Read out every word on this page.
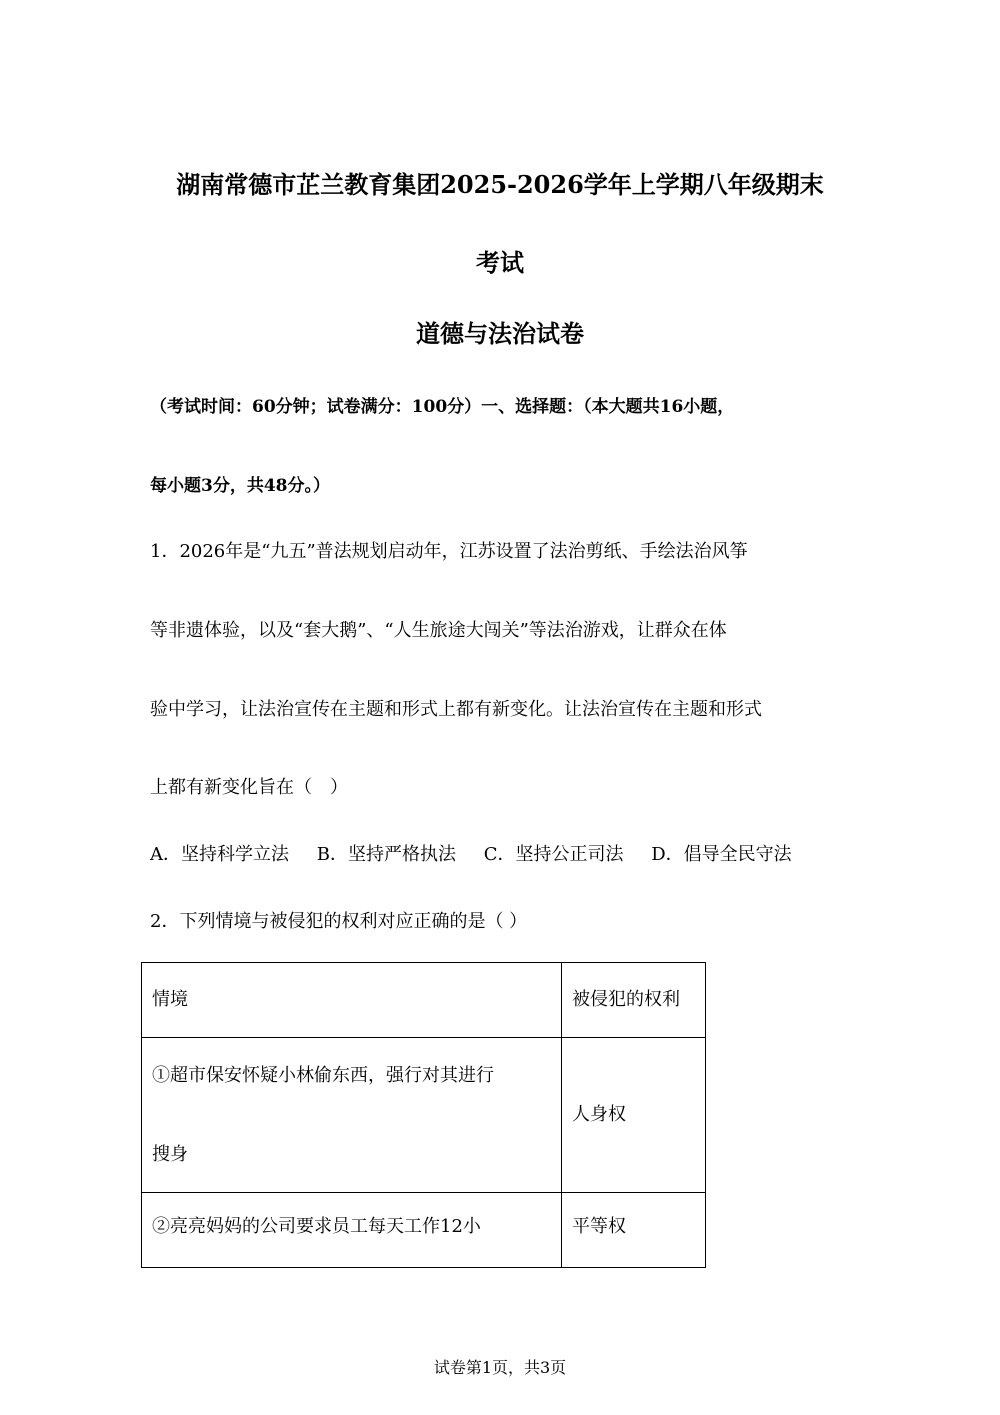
湖南常德市芷兰教育集团2025-2026学年上学期八年级期末
考试
道德与法治试卷
（考试时间：60分钟；试卷满分：100分）一、选择题：（本大题共16小题，
每小题3分，共48分。）
1．2026年是“九五”普法规划启动年，江苏设置了法治剪纸、手绘法治风筝
等非遗体验，以及“套大鹅”、“人生旅途大闯关”等法治游戏，让群众在体
验中学习，让法治宣传在主题和形式上都有新变化。让法治宣传在主题和形式
上都有新变化旨在（　）
A．坚持科学立法 B．坚持严格执法 C．坚持公正司法 D．倡导全民守法
2．下列情境与被侵犯的权利对应正确的是（ ）
情境	被侵犯的权利

①超市保安怀疑小林偷东西，强行对其进行
搜身	人身权
②亮亮妈妈的公司要求员工每天工作12小	平等权
试卷第1页，共3页
